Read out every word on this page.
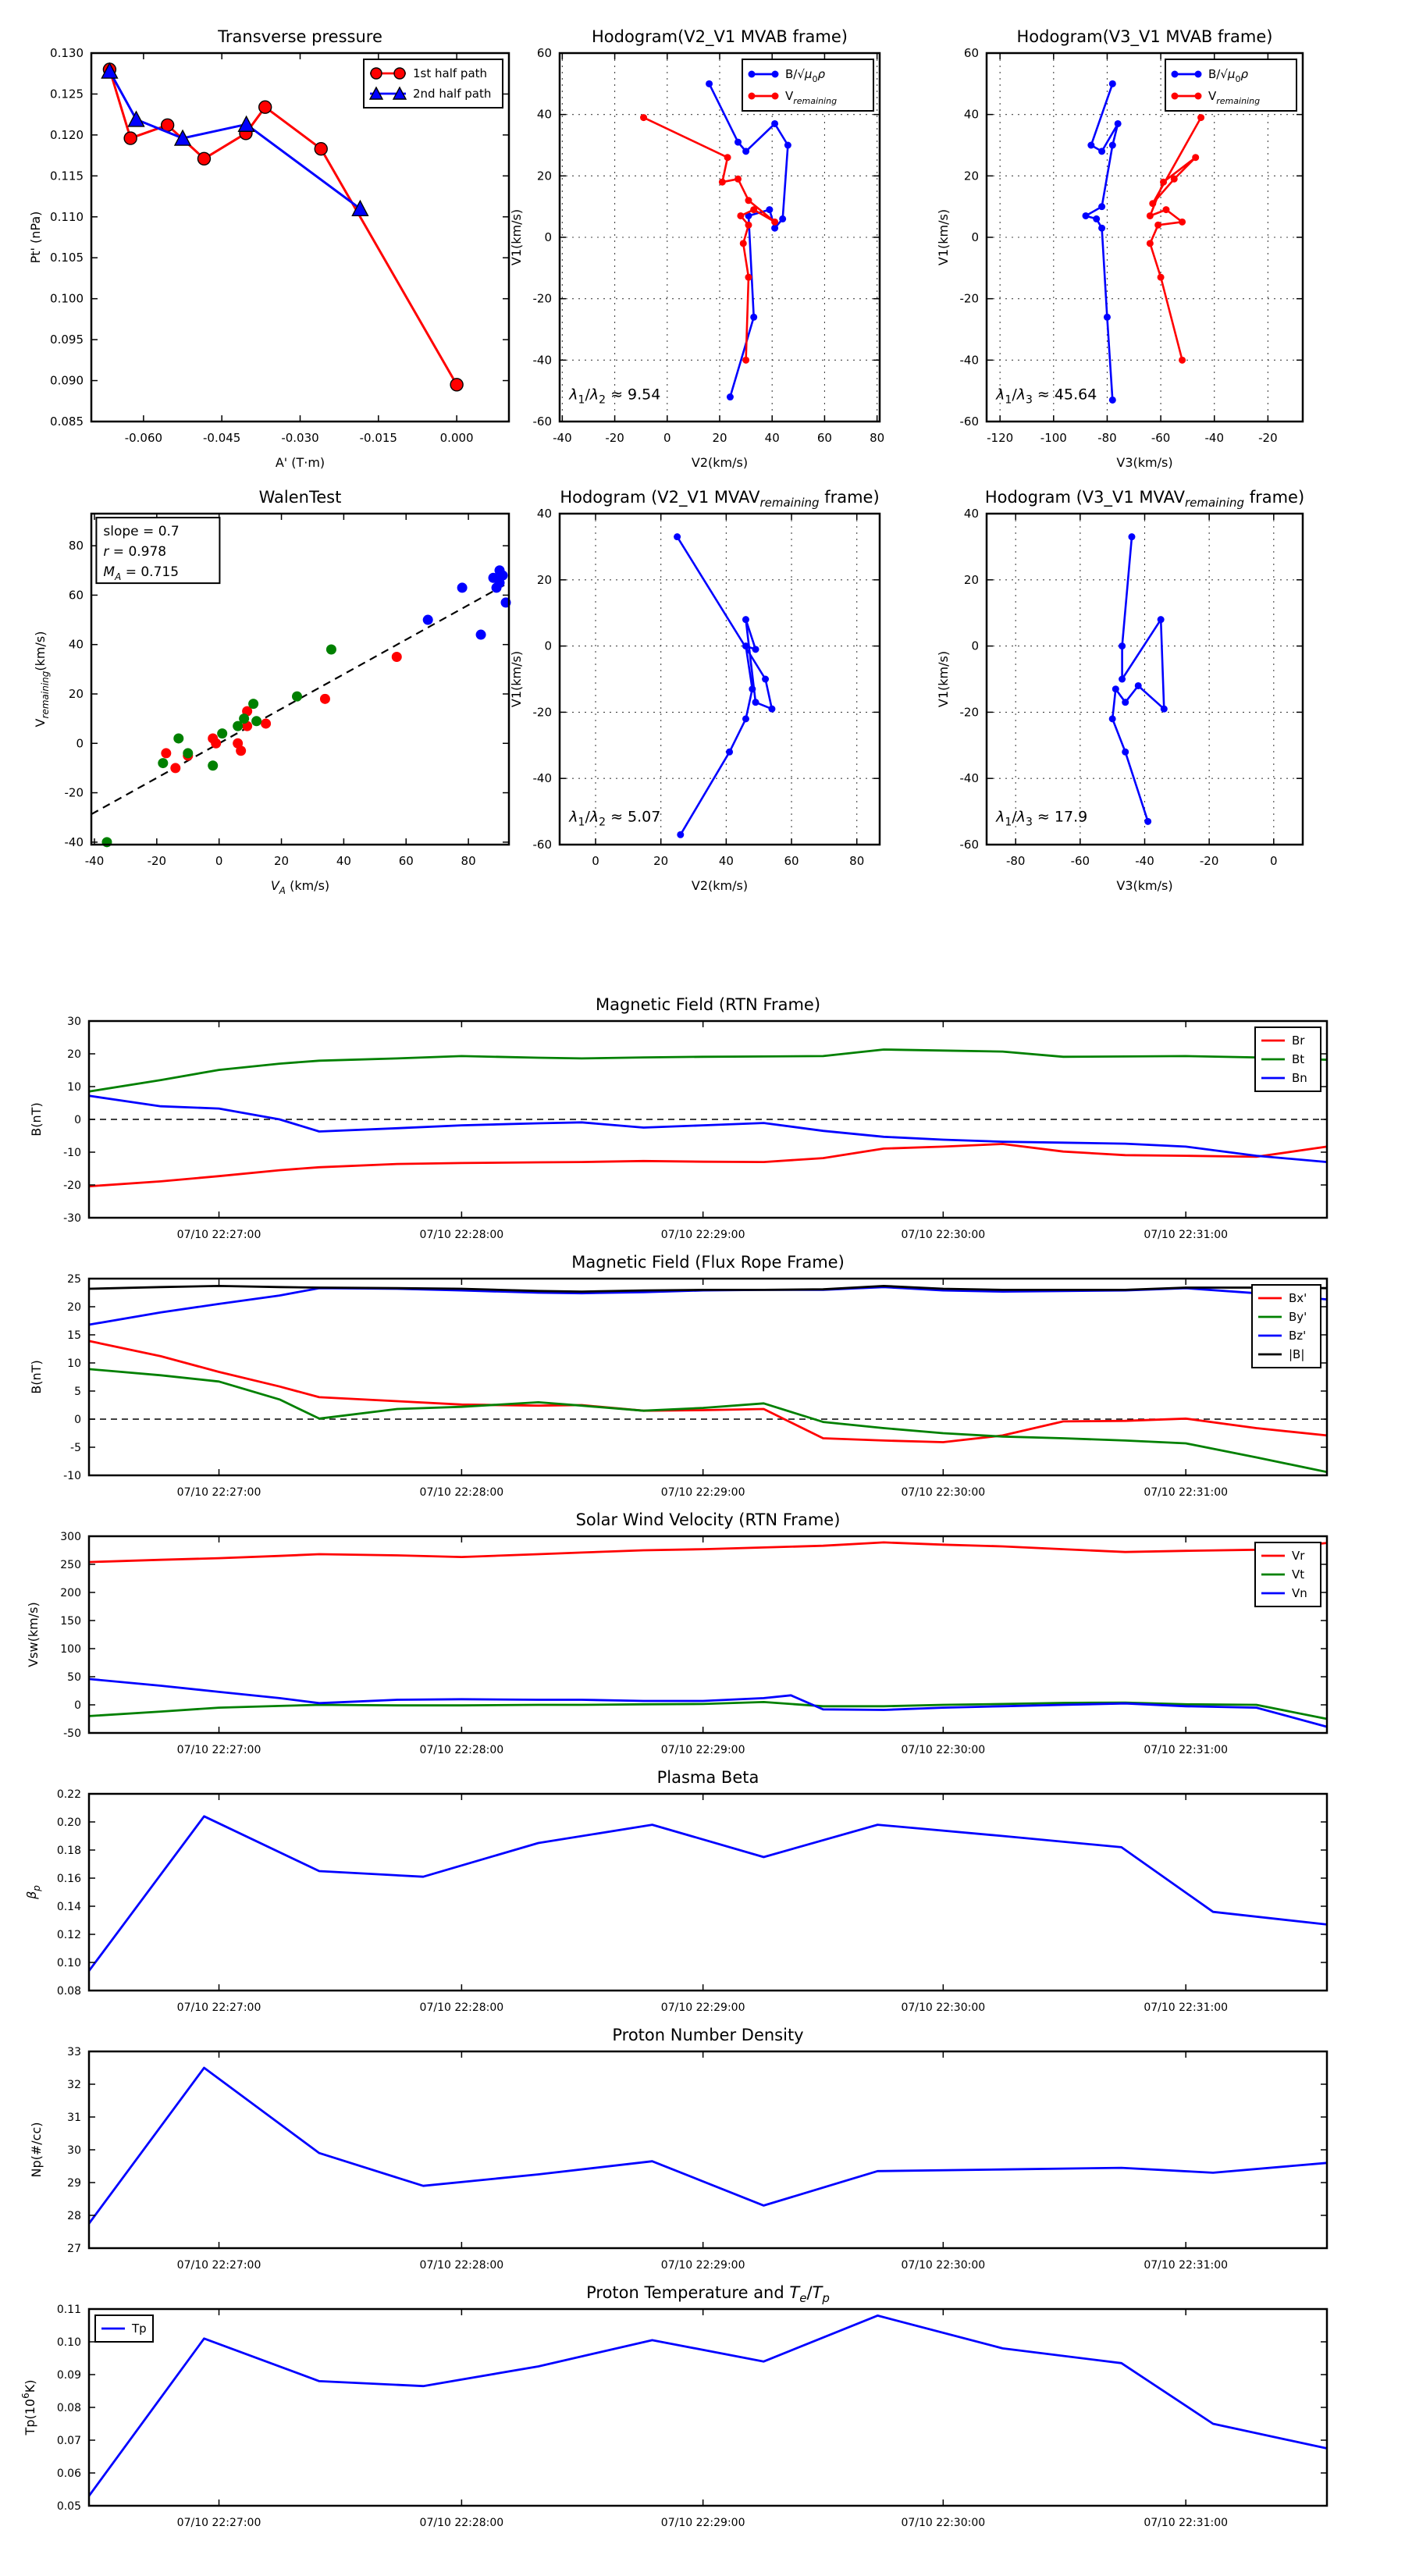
-0.060	-0.045	-0.030	-0.015	0.000
0.085
0.090
0.095
0.100
0.105
0.110
0.115
0.120
0.125
0.130
Transverse pressure
A' (T·m)
Pt' (nPa)
1st half path
2nd half path
-40	-20	0	20	40	60	80
-60
-40
-20
0
20
40
60
Hodogram(V2_V1 MVAB frame)
V2(km/s)
V1(km/s)
$\lambda_1/\lambda_2 \approx 9.54$
$B/√\mu_0\rho$
$V_{remaining}$
-120 -100	-80	-60	-40	-20
-60
-40
-20
0
20
40
60
Hodogram(V3_V1 MVAB frame)
V3(km/s)
V1(km/s)
$\lambda_1/\lambda_3 \approx 45.64$
$B/√\mu_0\rho$
$V_{remaining}$
-40	-20	0	20	40	60	80
-40
-20
0
20
40
60
80
WalenTest
$V_A$ (km/s)
$V_{remaining}(km/s)$
slope = 0.7
r = 0.978
$M_A = 0.715$
0	20	40	60	80
-60
-40
-20
0
20
40
Hodogram (V2_V1 $MVAV_{remaining}$ frame)
V2(km/s)
V1(km/s)
$\lambda_1/\lambda_2 \approx 5.07$
-80	-60	-40	-20	0
-60
-40
-20
0
20
40
Hodogram (V3_V1 $MVAV_{remaining}$ frame)
V3(km/s)
V1(km/s)
$\lambda_1/\lambda_3 \approx 17.9$
07/10 22:27:00	07/10 22:28:00	07/10 22:29:00	07/10 22:30:00	07/10 22:31:00
-30
-20
-10
0
10
20
30
Magnetic Field (RTN Frame)
B(nT)
Br
Bt
Bn
07/10 22:27:00	07/10 22:28:00	07/10 22:29:00	07/10 22:30:00	07/10 22:31:00
-10
-5
0
5
10
15
20
25
Magnetic Field (Flux Rope Frame)
B(nT)
Bx'
By'
Bz'
|B|
07/10 22:27:00	07/10 22:28:00	07/10 22:29:00	07/10 22:30:00	07/10 22:31:00
-50
0
50
100
150
200
250
300
Solar Wind Velocity (RTN Frame)
Vsw(km/s)
Vr
Vt
Vn
07/10 22:27:00	07/10 22:28:00	07/10 22:29:00	07/10 22:30:00	07/10 22:31:00
0.08
0.10
0.12
0.14
0.16
0.18
0.20
0.22
Plasma Beta
$\beta_p$
07/10 22:27:00	07/10 22:28:00	07/10 22:29:00	07/10 22:30:00	07/10 22:31:00
27
28
29
30
31
32
33
Proton Number Density
Np(#/cc)
07/10 22:27:00	07/10 22:28:00	07/10 22:29:00	07/10 22:30:00	07/10 22:31:00
0.05
0.06
0.07
0.08
0.09
0.10
0.11
Proton Temperature and $T_e/T_p$
$Tp(10^6K)$
Tp
